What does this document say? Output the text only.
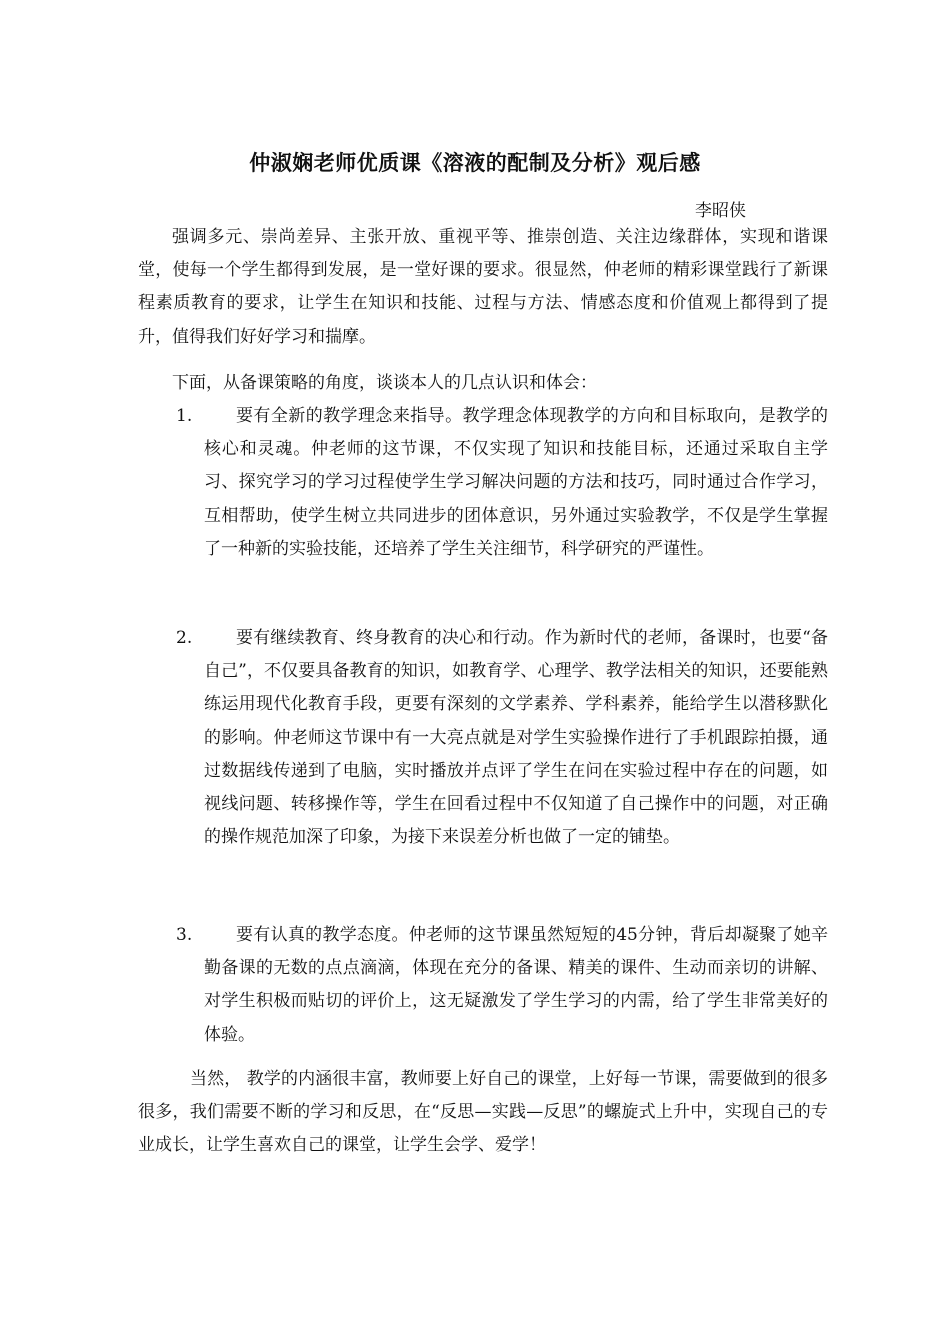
仲淑娴老师优质课《溶液的配制及分析》观后感
李昭侠
强调多元、崇尚差异、主张开放、重视平等、推崇创造、关注边缘群体，实现和谐课堂，使每一个学生都得到发展，是一堂好课的要求。很显然，仲老师的精彩课堂践行了新课程素质教育的要求，让学生在知识和技能、过程与方法、情感态度和价值观上都得到了提升，值得我们好好学习和揣摩。
下面，从备课策略的角度，谈谈本人的几点认识和体会：
1.	要有全新的教学理念来指导。教学理念体现教学的方向和目标取向，是教学的核心和灵魂。仲老师的这节课，不仅实现了知识和技能目标，还通过采取自主学习、探究学习的学习过程使学生学习解决问题的方法和技巧，同时通过合作学习，互相帮助，使学生树立共同进步的团体意识，另外通过实验教学，不仅是学生掌握了一种新的实验技能，还培养了学生关注细节，科学研究的严谨性。
2.	要有继续教育、终身教育的决心和行动。作为新时代的老师，备课时，也要“备自己”，不仅要具备教育的知识，如教育学、心理学、教学法相关的知识，还要能熟练运用现代化教育手段，更要有深刻的文学素养、学科素养，能给学生以潜移默化的影响。仲老师这节课中有一大亮点就是对学生实验操作进行了手机跟踪拍摄，通过数据线传递到了电脑，实时播放并点评了学生在问在实验过程中存在的问题，如视线问题、转移操作等，学生在回看过程中不仅知道了自己操作中的问题，对正确的操作规范加深了印象，为接下来误差分析也做了一定的铺垫。
3.	要有认真的教学态度。仲老师的这节课虽然短短的45分钟，背后却凝聚了她辛勤备课的无数的点点滴滴，体现在充分的备课、精美的课件、生动而亲切的讲解、对学生积极而贴切的评价上，这无疑激发了学生学习的内需，给了学生非常美好的体验。
当然， 教学的内涵很丰富，教师要上好自己的课堂，上好每一节课，需要做到的很多很多，我们需要不断的学习和反思，在“反思—实践—反思”的螺旋式上升中，实现自己的专业成长，让学生喜欢自己的课堂，让学生会学、爱学！
